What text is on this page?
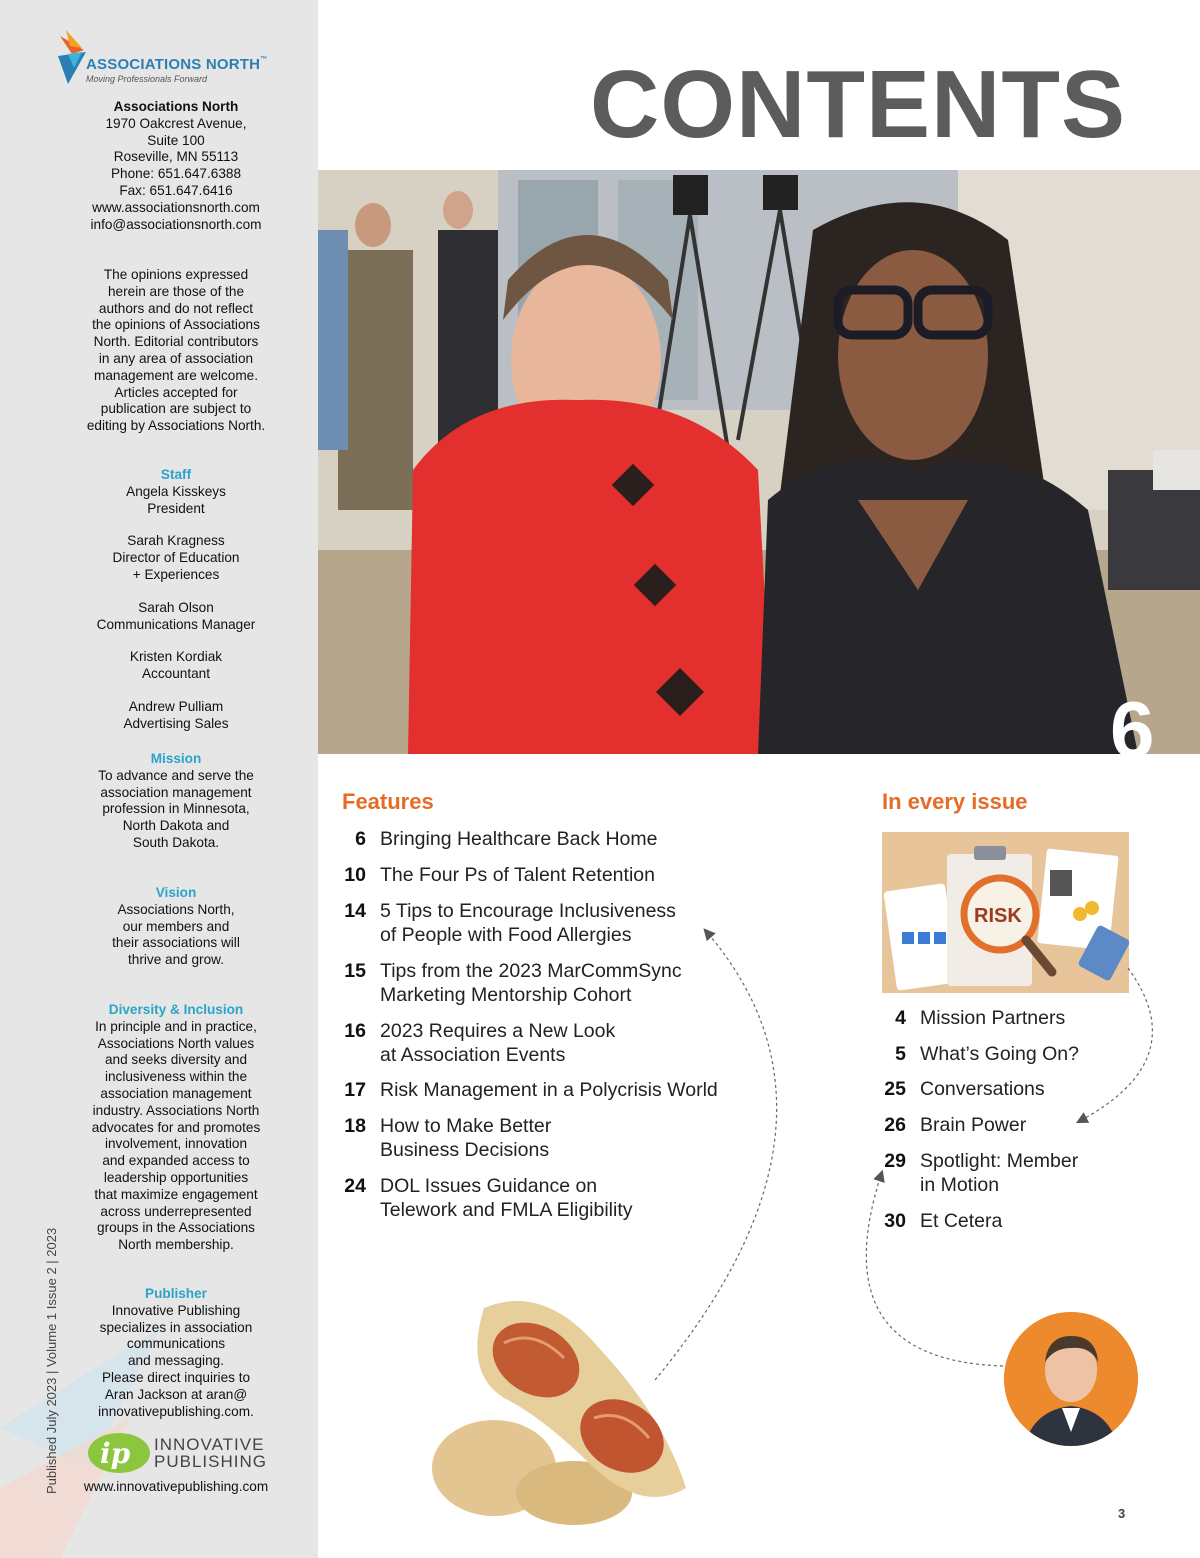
ASSOCIATIONS NORTH™
Moving Professionals Forward
Associations North
1970 Oakcrest Avenue,
Suite 100
Roseville, MN 55113
Phone: 651.647.6388
Fax: 651.647.6416
www.associationsnorth.com
info@associationsnorth.com
The opinions expressed
herein are those of the
authors and do not reflect
the opinions of Associations
North. Editorial contributors
in any area of association
management are welcome.
Articles accepted for
publication are subject to
editing by Associations North.
Staff
Angela Kisskeys
President
Sarah Kragness
Director of Education
+ Experiences
Sarah Olson
Communications Manager
Kristen Kordiak
Accountant
Andrew Pulliam
Advertising Sales
Mission
To advance and serve the
association management
profession in Minnesota,
North Dakota and
South Dakota.
Vision
Associations North,
our members and
their associations will
thrive and grow.
Diversity & Inclusion
In principle and in practice,
Associations North values
and seeks diversity and
inclusiveness within the
association management
industry. Associations North
advocates for and promotes
involvement, innovation
and expanded access to
leadership opportunities
that maximize engagement
across underrepresented
groups in the Associations
North membership.
Publisher
Innovative Publishing
specializes in association
communications
and messaging.
Please direct inquiries to
Aran Jackson at aran@
innovativepublishing.com.
ip INNOVATIVE
PUBLISHING
www.innovativepublishing.com
Published July 2023 | Volume 1 Issue 2 | 2023
CONTENTS
6
Features
6 Bringing Healthcare Back Home
10 The Four Ps of Talent Retention
14 5 Tips to Encourage Inclusiveness
of People with Food Allergies
15 Tips from the 2023 MarCommSync
Marketing Mentorship Cohort
16 2023 Requires a New Look
at Association Events
17 Risk Management in a Polycrisis World
18 How to Make Better
Business Decisions
24 DOL Issues Guidance on
Telework and FMLA Eligibility
In every issue
RISK
4 Mission Partners
5 What’s Going On?
25 Conversations
26 Brain Power
29 Spotlight: Member
in Motion
30 Et Cetera
3
